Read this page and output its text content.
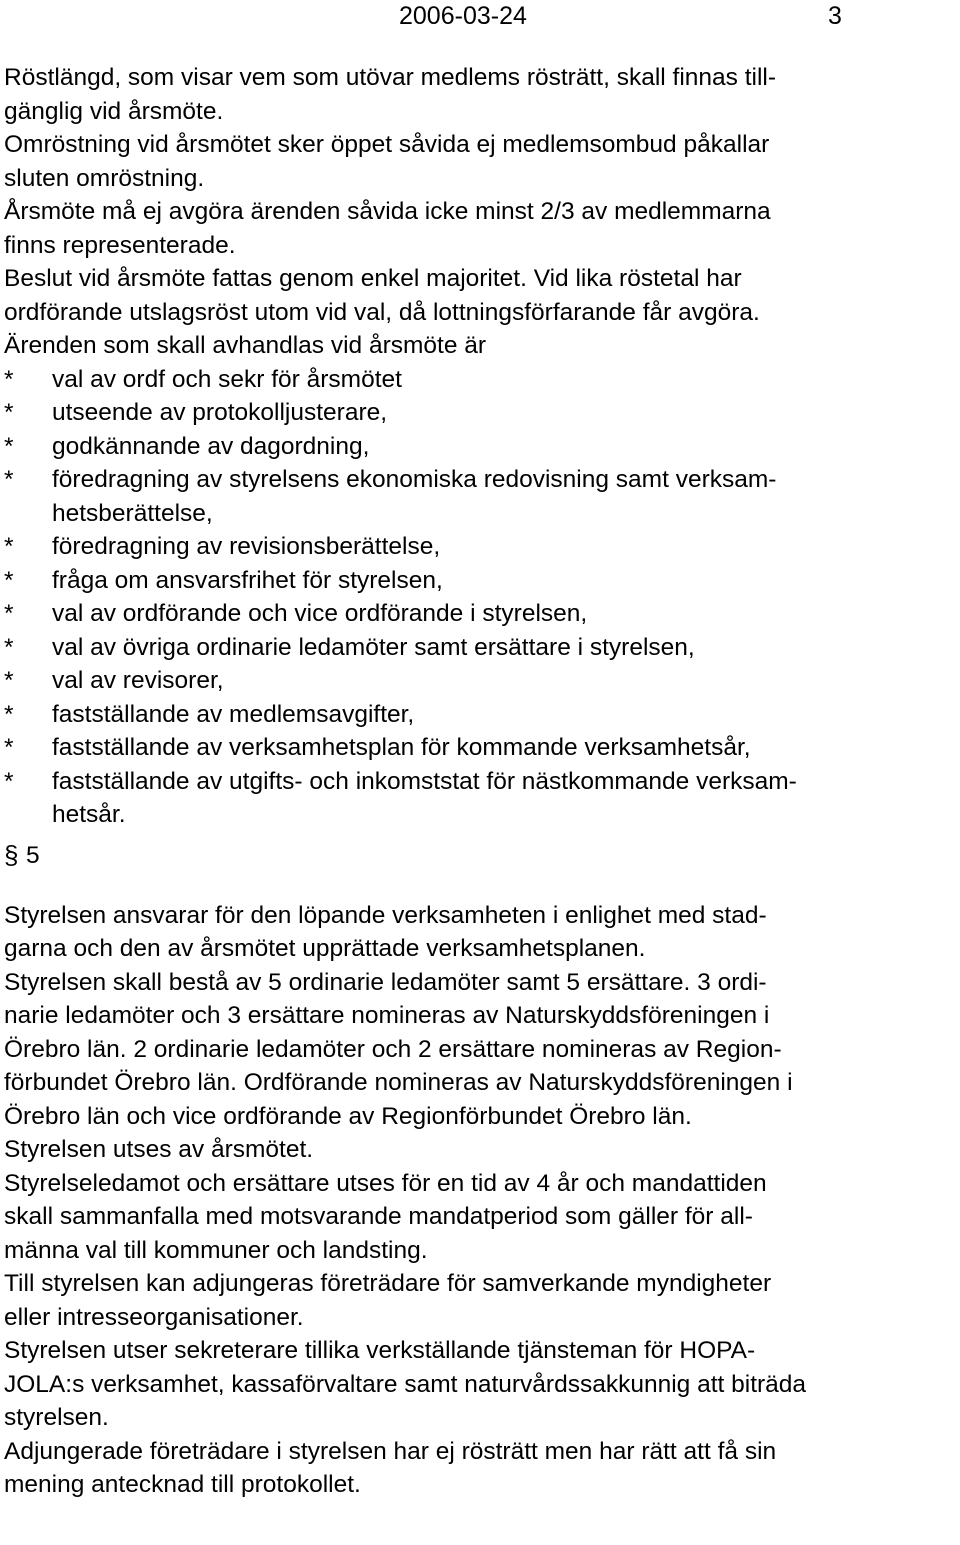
2006-03-24	3
Röstlängd, som visar vem som utövar medlems rösträtt, skall finnas till-
gänglig vid årsmöte.
Omröstning vid årsmötet sker öppet såvida ej medlemsombud påkallar
sluten omröstning.
Årsmöte må ej avgöra ärenden såvida icke minst 2/3 av medlemmarna
finns representerade.
Beslut vid årsmöte fattas genom enkel majoritet. Vid lika röstetal har
ordförande utslagsröst utom vid val, då lottningsförfarande får avgöra.
Ärenden som skall avhandlas vid årsmöte är
* val av ordf och sekr för årsmötet
* utseende av protokolljusterare,
* godkännande av dagordning,
* föredragning av styrelsens ekonomiska redovisning samt verksam-
hetsberättelse,
* föredragning av revisionsberättelse,
* fråga om ansvarsfrihet för styrelsen,
* val av ordförande och vice ordförande i styrelsen,
* val av övriga ordinarie ledamöter samt ersättare i styrelsen,
* val av revisorer,
* fastställande av medlemsavgifter,
* fastställande av verksamhetsplan för kommande verksamhetsår,
* fastställande av utgifts- och inkomststat för nästkommande verksam-
hetsår.
§ 5
Styrelsen ansvarar för den löpande verksamheten i enlighet med stad-
garna och den av årsmötet upprättade verksamhetsplanen.
Styrelsen skall bestå av 5 ordinarie ledamöter samt 5 ersättare. 3 ordi-
narie ledamöter och 3 ersättare nomineras av Naturskyddsföreningen i
Örebro län. 2 ordinarie ledamöter och 2 ersättare nomineras av Region-
förbundet Örebro län. Ordförande nomineras av Naturskyddsföreningen i
Örebro län och vice ordförande av Regionförbundet Örebro län.
Styrelsen utses av årsmötet.
Styrelseledamot och ersättare utses för en tid av 4 år och mandattiden
skall sammanfalla med motsvarande mandatperiod som gäller för all-
männa val till kommuner och landsting.
Till styrelsen kan adjungeras företrädare för samverkande myndigheter
eller intresseorganisationer.
Styrelsen utser sekreterare tillika verkställande tjänsteman för HOPA-
JOLA:s verksamhet, kassaförvaltare samt naturvårdssakkunnig att biträda
styrelsen.
Adjungerade företrädare i styrelsen har ej rösträtt men har rätt att få sin
mening antecknad till protokollet.
